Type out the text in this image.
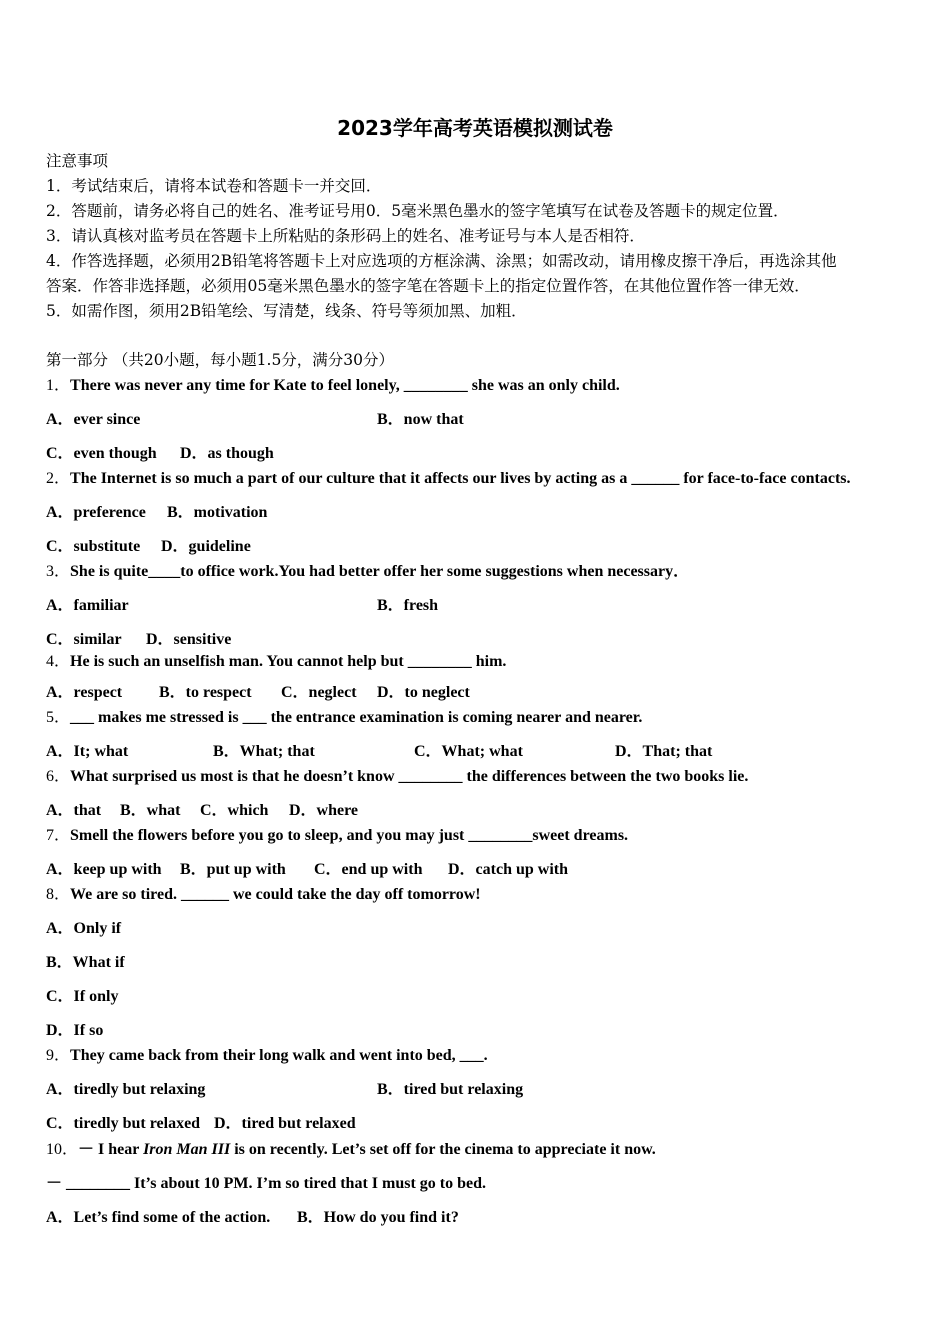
2023学年高考英语模拟测试卷
注意事项
1．考试结束后，请将本试卷和答题卡一并交回．
2．答题前，请务必将自己的姓名、准考证号用0．5毫米黑色墨水的签字笔填写在试卷及答题卡的规定位置．
3．请认真核对监考员在答题卡上所粘贴的条形码上的姓名、准考证号与本人是否相符．
4．作答选择题，必须用2B铅笔将答题卡上对应选项的方框涂满、涂黑；如需改动，请用橡皮擦干净后，再选涂其他
答案．作答非选择题，必须用05毫米黑色墨水的签字笔在答题卡上的指定位置作答，在其他位置作答一律无效．
5．如需作图，须用2B铅笔绘、写清楚，线条、符号等须加黑、加粗．
第一部分 （共20小题，每小题1.5分，满分30分）
1．There was never any time for Kate to feel lonely, ________ she was an only child.
A．ever since	B．now that
C．even though D．as though
2．The Internet is so much a part of our culture that it affects our lives by acting as a ______ for face-to-face contacts.
A．preference B．motivation
C．substitute D．guideline
3．She is quite____to office work.You had better offer her some suggestions when necessary．
A．familiar	B．fresh
C．similar D．sensitive
4．He is such an unselfish man. You cannot help but ________ him.
A．respect B．to respect C．neglect D．to neglect
5．___ makes me stressed is ___ the entrance examination is coming nearer and nearer.
A．It; what	B．What; that	C．What; what	D．That; that
6．What surprised us most is that he doesn’t know ________ the differences between the two books lie.
A．that B．what C．which D．where
7．Smell the flowers before you go to sleep, and you may just ________sweet dreams.
A．keep up with B．put up with C．end up with D．catch up with
8．We are so tired. ______ we could take the day off tomorrow!
A．Only if
B．What if
C．If only
D．If so
9．They came back from their long walk and went into bed, ___.
A．tiredly but relaxing	B．tired but relaxing
C．tiredly but relaxed D．tired but relaxed
10．－ I hear Iron Man III is on recently. Let’s set off for the cinema to appreciate it now.
－ ________ It’s about 10 PM. I’m so tired that I must go to bed.
A．Let’s find some of the action. B．How do you find it?
